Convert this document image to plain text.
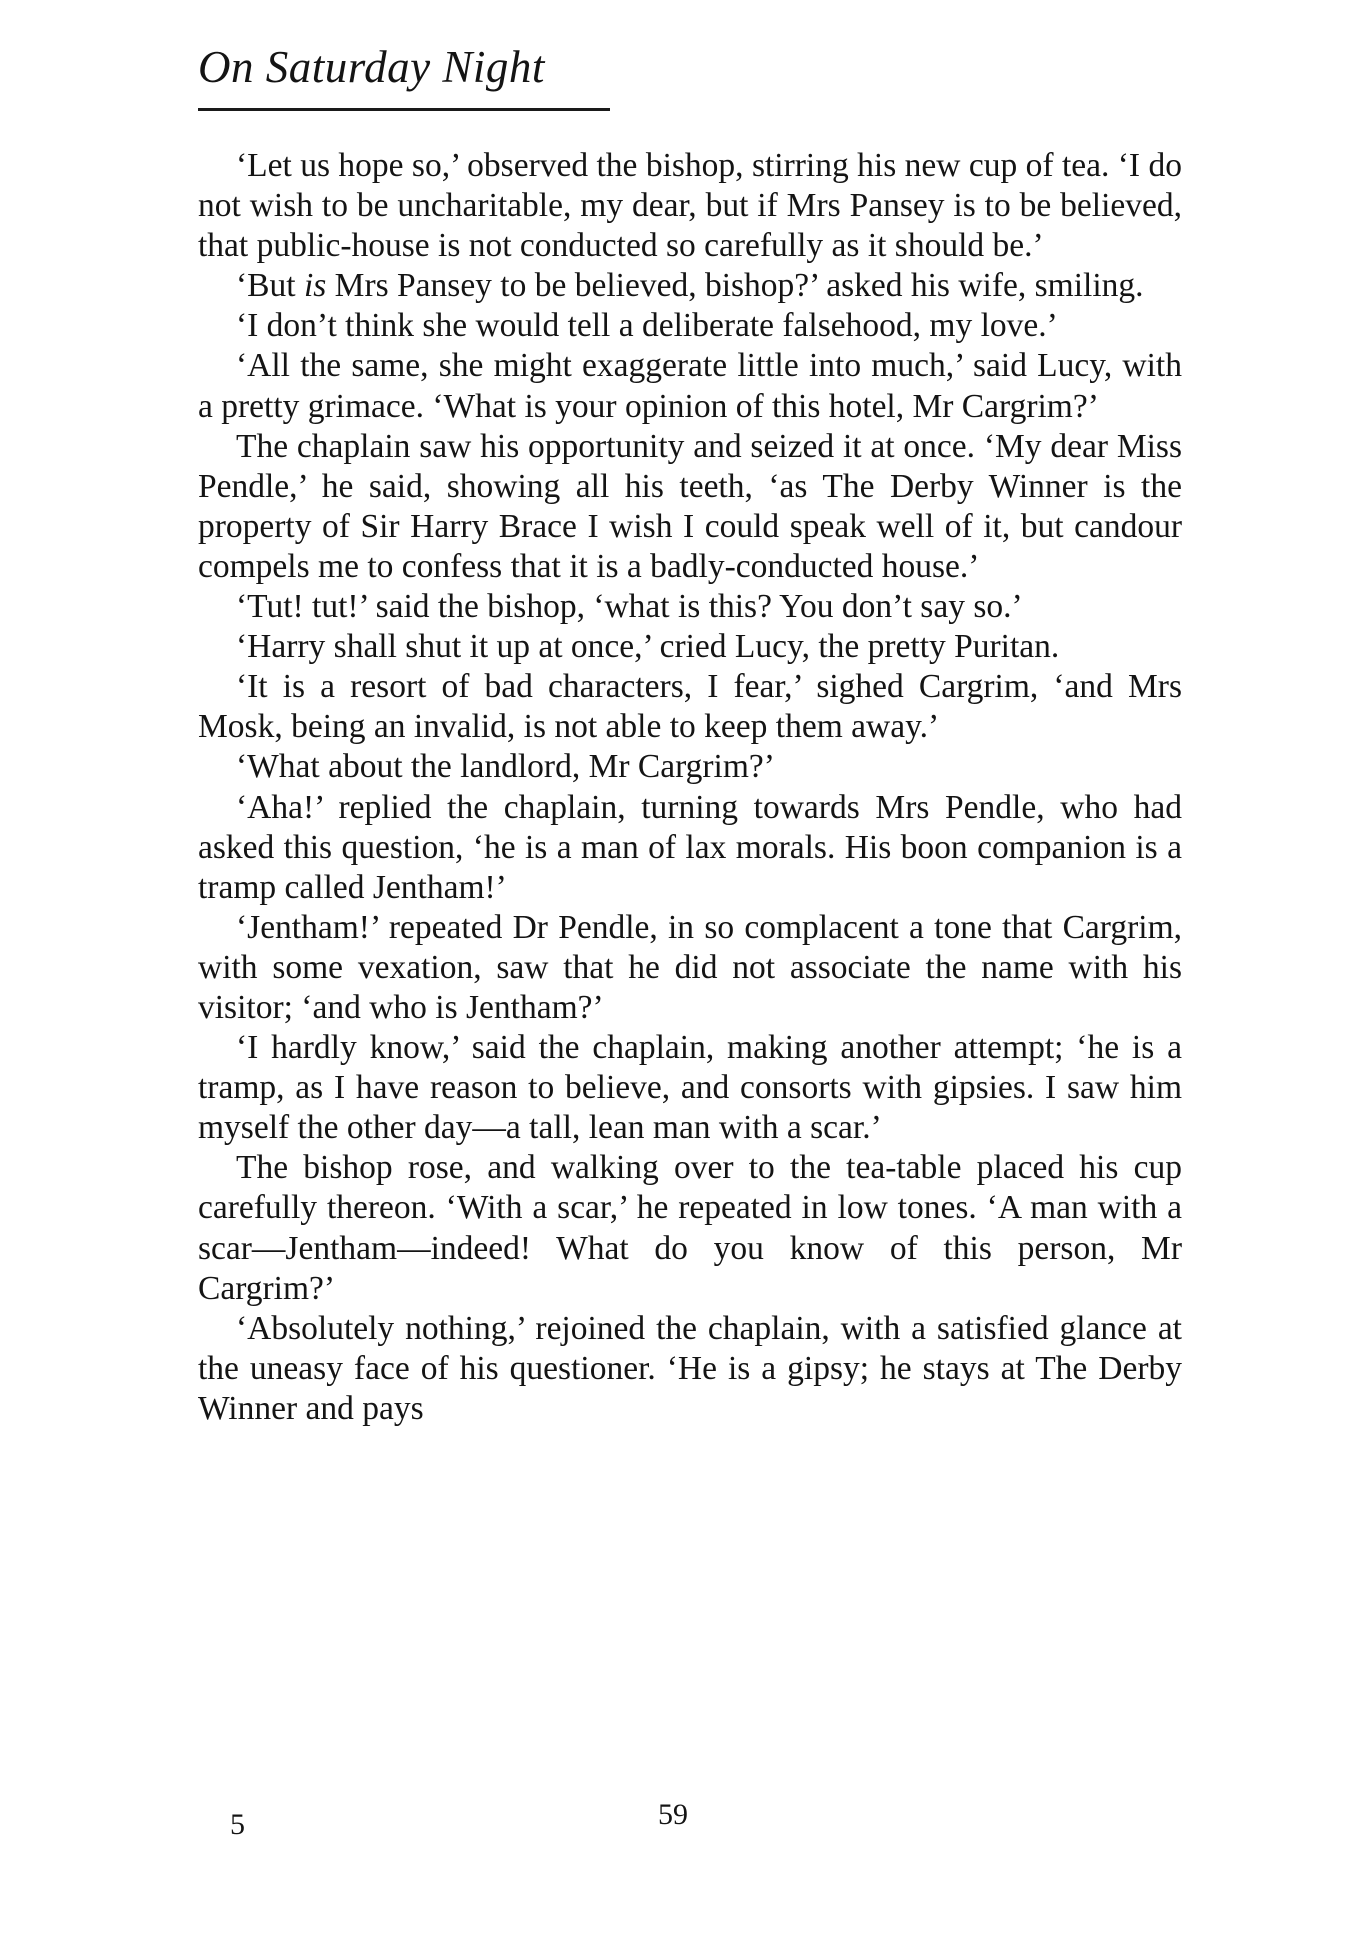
On Saturday Night

‘Let us hope so,’ observed the bishop, stirring his new cup of tea. ‘I do not wish to be uncharitable, my dear, but if Mrs Pansey is to be believed, that public-house is not conducted so carefully as it should be.’

‘But is Mrs Pansey to be believed, bishop?’ asked his wife, smiling.

‘I don’t think she would tell a deliberate falsehood, my love.’

‘All the same, she might exaggerate little into much,’ said Lucy, with a pretty grimace. ‘What is your opinion of this hotel, Mr Cargrim?’

The chaplain saw his opportunity and seized it at once. ‘My dear Miss Pendle,’ he said, showing all his teeth, ‘as The Derby Winner is the property of Sir Harry Brace I wish I could speak well of it, but candour compels me to confess that it is a badly-conducted house.’

‘Tut! tut!’ said the bishop, ‘what is this? You don’t say so.’

‘Harry shall shut it up at once,’ cried Lucy, the pretty Puritan.

‘It is a resort of bad characters, I fear,’ sighed Cargrim, ‘and Mrs Mosk, being an invalid, is not able to keep them away.’

‘What about the landlord, Mr Cargrim?’

‘Aha!’ replied the chaplain, turning towards Mrs Pendle, who had asked this question, ‘he is a man of lax morals. His boon companion is a tramp called Jentham!’

‘Jentham!’ repeated Dr Pendle, in so complacent a tone that Cargrim, with some vexation, saw that he did not associate the name with his visitor; ‘and who is Jentham?’

‘I hardly know,’ said the chaplain, making another attempt; ‘he is a tramp, as I have reason to believe, and consorts with gipsies. I saw him myself the other day—a tall, lean man with a scar.’

The bishop rose, and walking over to the tea-table placed his cup carefully thereon. ‘With a scar,’ he repeated in low tones. ‘A man with a scar—Jentham—indeed! What do you know of this person, Mr Cargrim?’

‘Absolutely nothing,’ rejoined the chaplain, with a satisfied glance at the uneasy face of his questioner. ‘He is a gipsy; he stays at The Derby Winner and pays

5	59
